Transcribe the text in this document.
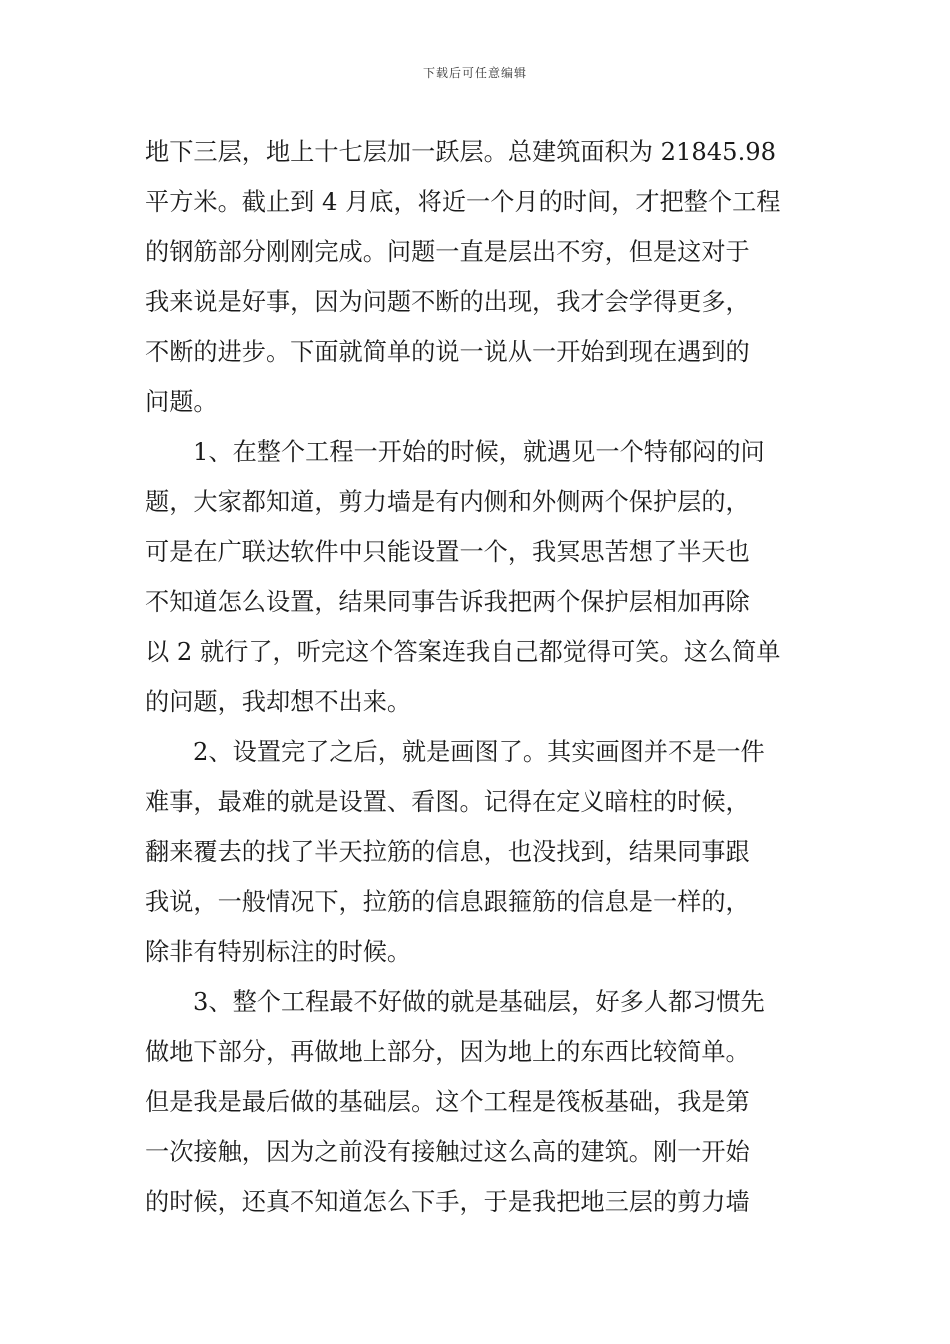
下载后可任意编辑
地下三层，地上十七层加一跃层。总建筑面积为 21845.98
平方米。截止到 4 月底，将近一个月的时间，才把整个工程
的钢筋部分刚刚完成。问题一直是层出不穷，但是这对于
我来说是好事，因为问题不断的出现，我才会学得更多，
不断的进步。下面就简单的说一说从一开始到现在遇到的
问题。
1、在整个工程一开始的时候，就遇见一个特郁闷的问
题，大家都知道，剪力墙是有内侧和外侧两个保护层的，
可是在广联达软件中只能设置一个，我冥思苦想了半天也
不知道怎么设置，结果同事告诉我把两个保护层相加再除
以 2 就行了，听完这个答案连我自己都觉得可笑。这么简单
的问题，我却想不出来。
2、设置完了之后，就是画图了。其实画图并不是一件
难事，最难的就是设置、看图。记得在定义暗柱的时候，
翻来覆去的找了半天拉筋的信息，也没找到，结果同事跟
我说，一般情况下，拉筋的信息跟箍筋的信息是一样的，
除非有特别标注的时候。
3、整个工程最不好做的就是基础层，好多人都习惯先
做地下部分，再做地上部分，因为地上的东西比较简单。
但是我是最后做的基础层。这个工程是筏板基础，我是第
一次接触，因为之前没有接触过这么高的建筑。刚一开始
的时候，还真不知道怎么下手，于是我把地三层的剪力墙
